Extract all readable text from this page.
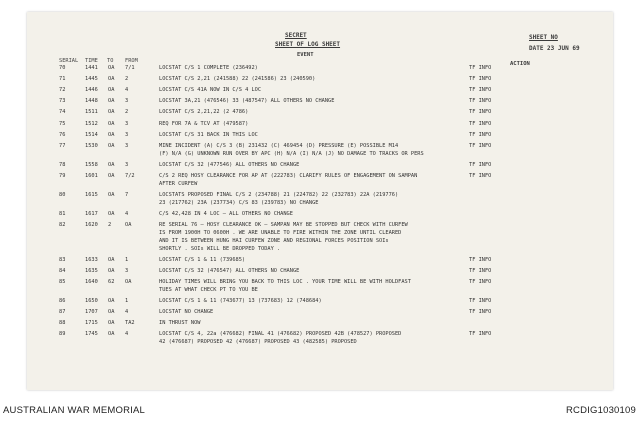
SECRET
SHEET OF LOG SHEET
SHEET NO
DATE 23 JUN 69
EVENT
ACTION
SERIAL TIME TO FROM
70	1441 OA 7/1	LOCSTAT C/S 1 COMPLETE (236492)	TF INFO
71	1445 OA 2	LOCSTAT C/S 2,21 (241588) 22 (241586) 23 (240590)	TF INFO
72	1446 OA 4	LOCSTAT C/S 41A NOW IN C/S 4 LOC	TF INFO
73	1448 OA 3	LOCSTAT 3A,21 (476546) 33 (487547) ALL OTHERS NO CHANGE	TF INFO
74	1511 OA 2	LOCSTAT C/S 2,21,22 (2 4786)	TF INFO
75	1512 OA 3	REQ FOR 7A & TCV AT (479587)	TF INFO
76	1514 OA 3	LOCSTAT C/S 31 BACK IN THIS LOC	TF INFO
77	1530 OA 3	MINE INCIDENT (A) C/S 3 (B) 231432 (C) 469454 (D) PRESSURE (E) POSSIBLE M14
(F) N/A (G) UNKNOWN RUN OVER BY APC (H) N/A (I) N/A (J) NO DAMAGE TO TRACKS OR PERS
TF INFO
78	1558 OA 3	LOCSTAT C/S 32 (477546) ALL OTHERS NO CHANGE	TF INFO
79	1601 OA 7/2	C/S 2 REQ HOSY CLEARANCE FOR AP AT (222783) CLARIFY RULES OF ENGAGEMENT ON SAMPAN
AFTER CURFEW
TF INFO
80	1615 OA 7	LOCSTATS PROPOSED FINAL C/S 2 (234788) 21 (224782) 22 (232783) 22A (219776)
23 (217762) 23A (237734) C/S 83 (239783) NO CHANGE
81	1617 OA 4	C/S 42,428 IN 4 LOC – ALL OTHERS NO CHANGE
82	1620 2	OA	RE SERIAL 76 – HOSY CLEARANCE OK – SAMPAN MAY BE STOPPED BUT CHECK WITH CURFEW
IS FROM 1900H TO 0600H . WE ARE UNABLE TO FIRE WITHIN THE ZONE UNTIL CLEARED
AND IT IS BETWEEN HUNG HAI CURFEW ZONE AND REGIONAL FORCES POSITION SOIs
SHORTLY . SOIs WILL BE DROPPED TODAY .
83	1633 OA 1	LOCSTAT C/S 1 & 11 (739685)	TF INFO
84	1635 OA 3	LOCSTAT C/S 32 (476547) ALL OTHERS NO CHANGE	TF INFO
85	1640 62 OA	HOLIDAY TIMES WILL BRING YOU BACK TO THIS LOC . YOUR TIME WILL BE WITH HOLDFAST
TUES AT WHAT CHECK PT TO YOU BE
TF INFO
86	1650 OA 1	LOCSTAT C/S 1 & 11 (743677) 13 (737683) 12 (748684)	TF INFO
87	1707 OA 4	LOCSTAT NO CHANGE	TF INFO
88	1715 OA TA2	IN THRUST NOW
89	1745 OA 4	LOCSTAT C/S 4, 22a (476682) FINAL 41 (476682) PROPOSED 42B (478527) PROPOSED
42 (476687) PROPOSED 42 (476687) PROPOSED 43 (482585) PROPOSED
TF INFO
AUSTRALIAN WAR MEMORIAL	RCDIG1030109
